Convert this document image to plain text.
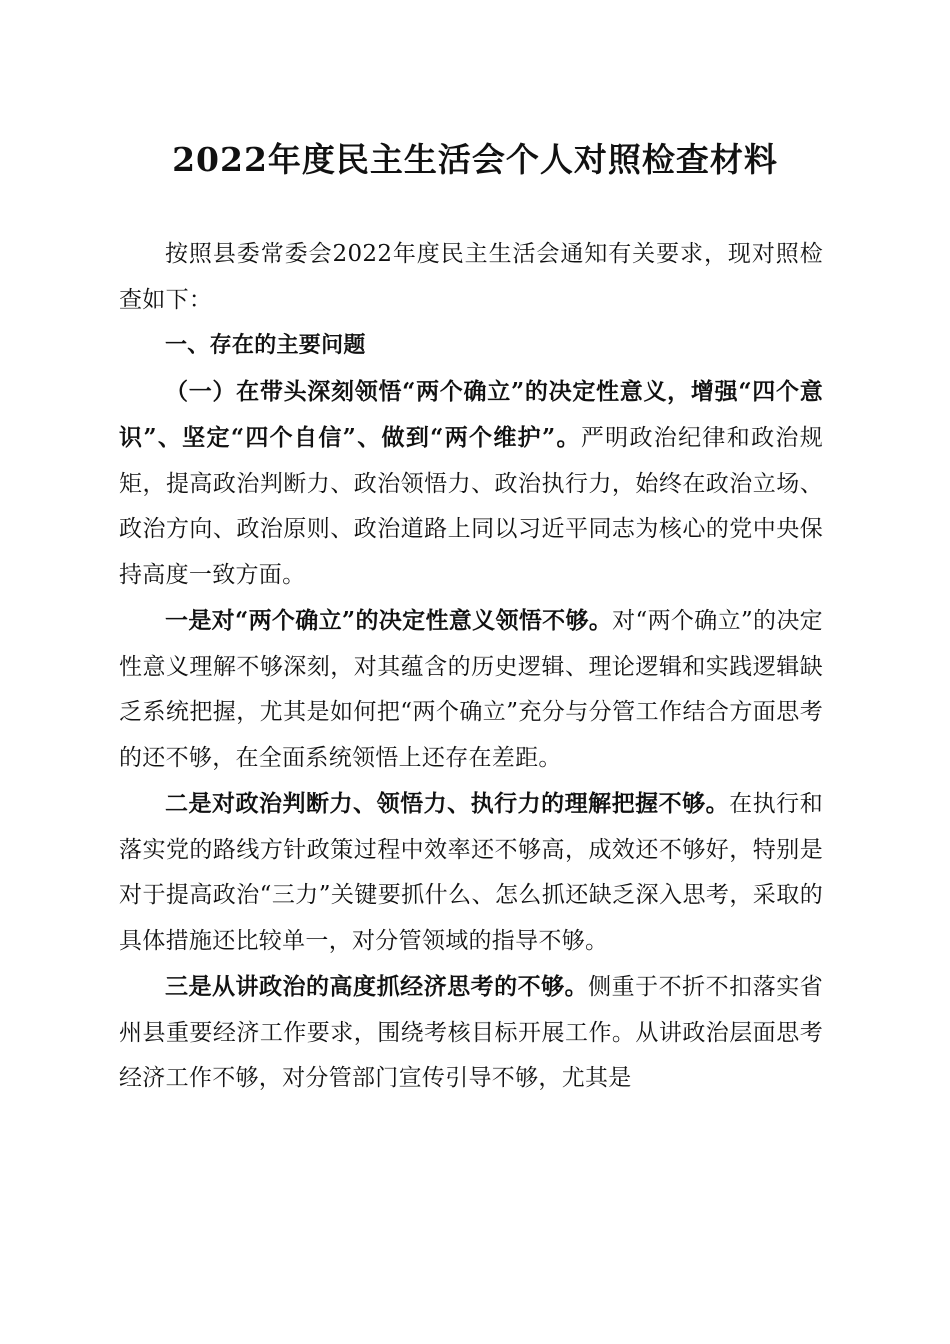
2022年度民主生活会个人对照检查材料

按照县委常委会2022年度民主生活会通知有关要求，现对照检查如下：

一、存在的主要问题

（一）在带头深刻领悟“两个确立”的决定性意义，增强“四个意识”、坚定“四个自信”、做到“两个维护”。严明政治纪律和政治规矩，提高政治判断力、政治领悟力、政治执行力，始终在政治立场、政治方向、政治原则、政治道路上同以习近平同志为核心的党中央保持高度一致方面。

一是对“两个确立”的决定性意义领悟不够。对“两个确立”的决定性意义理解不够深刻，对其蕴含的历史逻辑、理论逻辑和实践逻辑缺乏系统把握，尤其是如何把“两个确立”充分与分管工作结合方面思考的还不够，在全面系统领悟上还存在差距。

二是对政治判断力、领悟力、执行力的理解把握不够。在执行和落实党的路线方针政策过程中效率还不够高，成效还不够好，特别是对于提高政治“三力”关键要抓什么、怎么抓还缺乏深入思考，采取的具体措施还比较单一，对分管领域的指导不够。

三是从讲政治的高度抓经济思考的不够。侧重于不折不扣落实省州县重要经济工作要求，围绕考核目标开展工作。从讲政治层面思考经济工作不够，对分管部门宣传引导不够，尤其是
